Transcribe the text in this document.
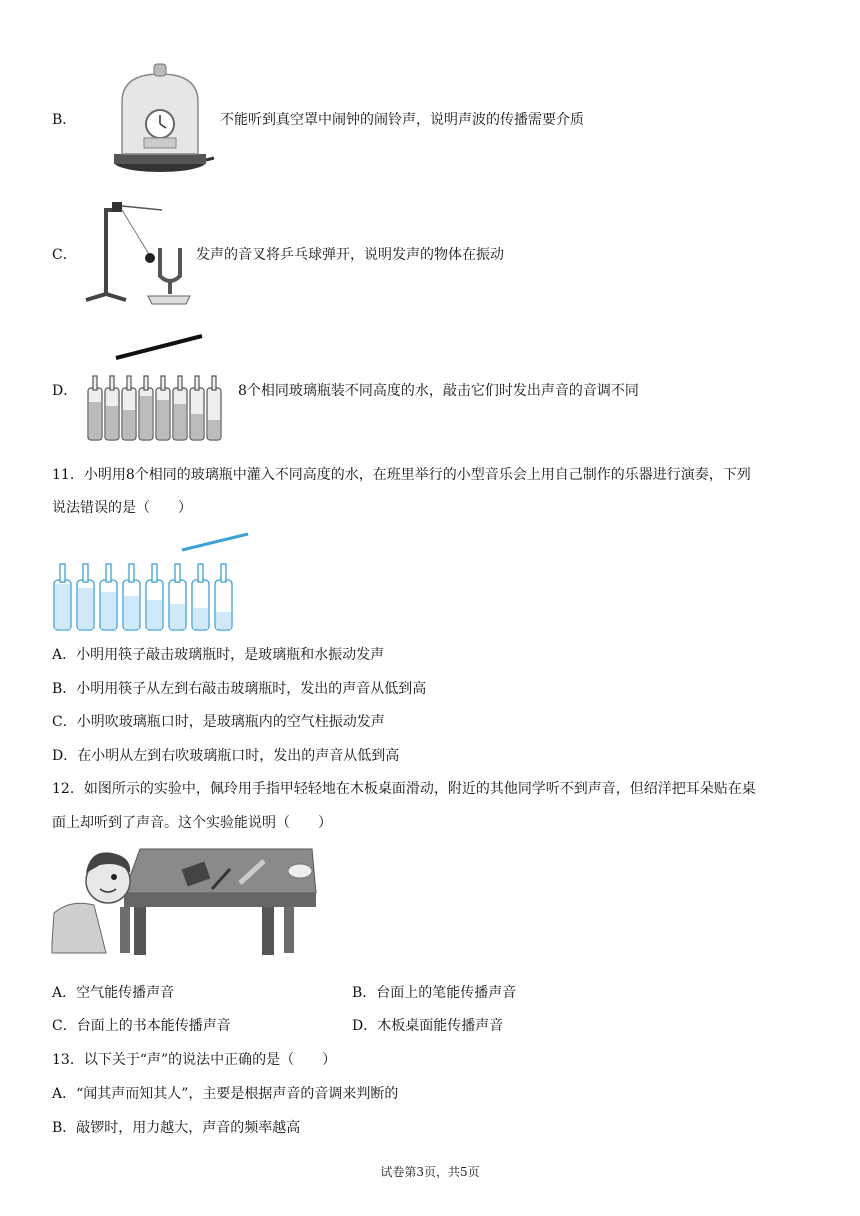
B．	不能听到真空罩中闹钟的闹铃声，说明声波的传播需要介质
C．	发声的音叉将乒乓球弹开，说明发声的物体在振动
D．	8个相同玻璃瓶装不同高度的水，敲击它们时发出声音的音调不同
11．小明用8个相同的玻璃瓶中灌入不同高度的水，在班里举行的小型音乐会上用自己制作的乐器进行演奏，下列
说法错误的是（　　）
A．小明用筷子敲击玻璃瓶时，是玻璃瓶和水振动发声
B．小明用筷子从左到右敲击玻璃瓶时，发出的声音从低到高
C．小明吹玻璃瓶口时，是玻璃瓶内的空气柱振动发声
D．在小明从左到右吹玻璃瓶口时，发出的声音从低到高
12．如图所示的实验中，佩玲用手指甲轻轻地在木板桌面滑动，附近的其他同学听不到声音，但绍洋把耳朵贴在桌
面上却听到了声音。这个实验能说明（　　）
A．空气能传播声音	B．台面上的笔能传播声音
C．台面上的书本能传播声音	D．木板桌面能传播声音
13．以下关于“声”的说法中正确的是（　　）
A．“闻其声而知其人”，主要是根据声音的音调来判断的
B．敲锣时，用力越大，声音的频率越高
试卷第3页，共5页
